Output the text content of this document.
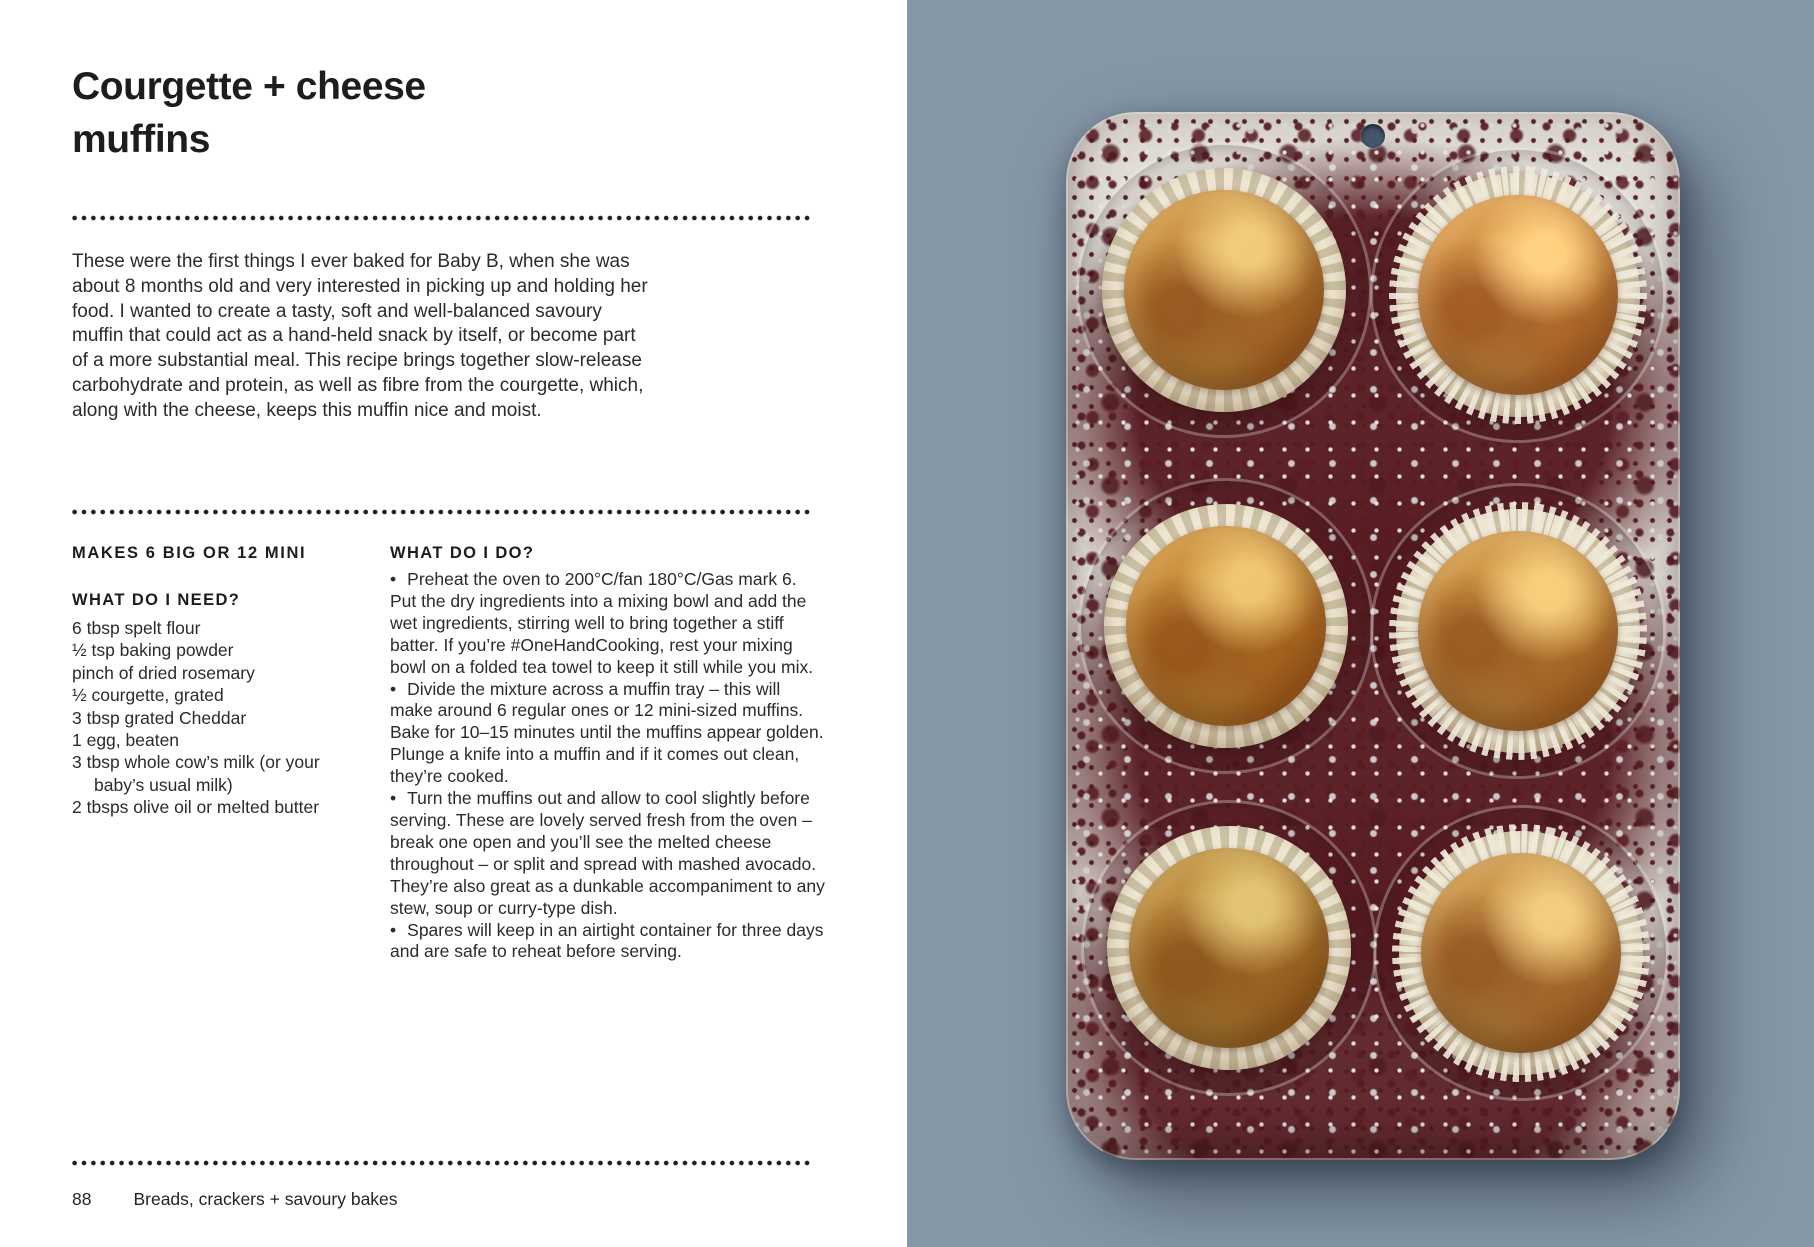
Courgette + cheese
muffins

These were the first things I ever baked for Baby B, when she was about 8 months old and very interested in picking up and holding her food. I wanted to create a tasty, soft and well-balanced savoury muffin that could act as a hand-held snack by itself, or become part of a more substantial meal. This recipe brings together slow-release carbohydrate and protein, as well as fibre from the courgette, which, along with the cheese, keeps this muffin nice and moist.

MAKES 6 BIG OR 12 MINI
WHAT DO I NEED?
6 tbsp spelt flour
½ tsp baking powder
pinch of dried rosemary
½ courgette, grated
3 tbsp grated Cheddar
1 egg, beaten
3 tbsp whole cow’s milk (or your baby’s usual milk)
2 tbsps olive oil or melted butter
WHAT DO I DO?
• Preheat the oven to 200°C/fan 180°C/Gas mark 6. Put the dry ingredients into a mixing bowl and add the wet ingredients, stirring well to bring together a stiff batter. If you’re #OneHandCooking, rest your mixing bowl on a folded tea towel to keep it still while you mix.
• Divide the mixture across a muffin tray – this will make around 6 regular ones or 12 mini-sized muffins. Bake for 10–15 minutes until the muffins appear golden. Plunge a knife into a muffin and if it comes out clean, they’re cooked.
• Turn the muffins out and allow to cool slightly before serving. These are lovely served fresh from the oven – break one open and you’ll see the melted cheese throughout – or split and spread with mashed avocado. They’re also great as a dunkable accompaniment to any stew, soup or curry-type dish.
• Spares will keep in an airtight container for three days and are safe to reheat before serving.
88 Breads, crackers + savoury bakes
